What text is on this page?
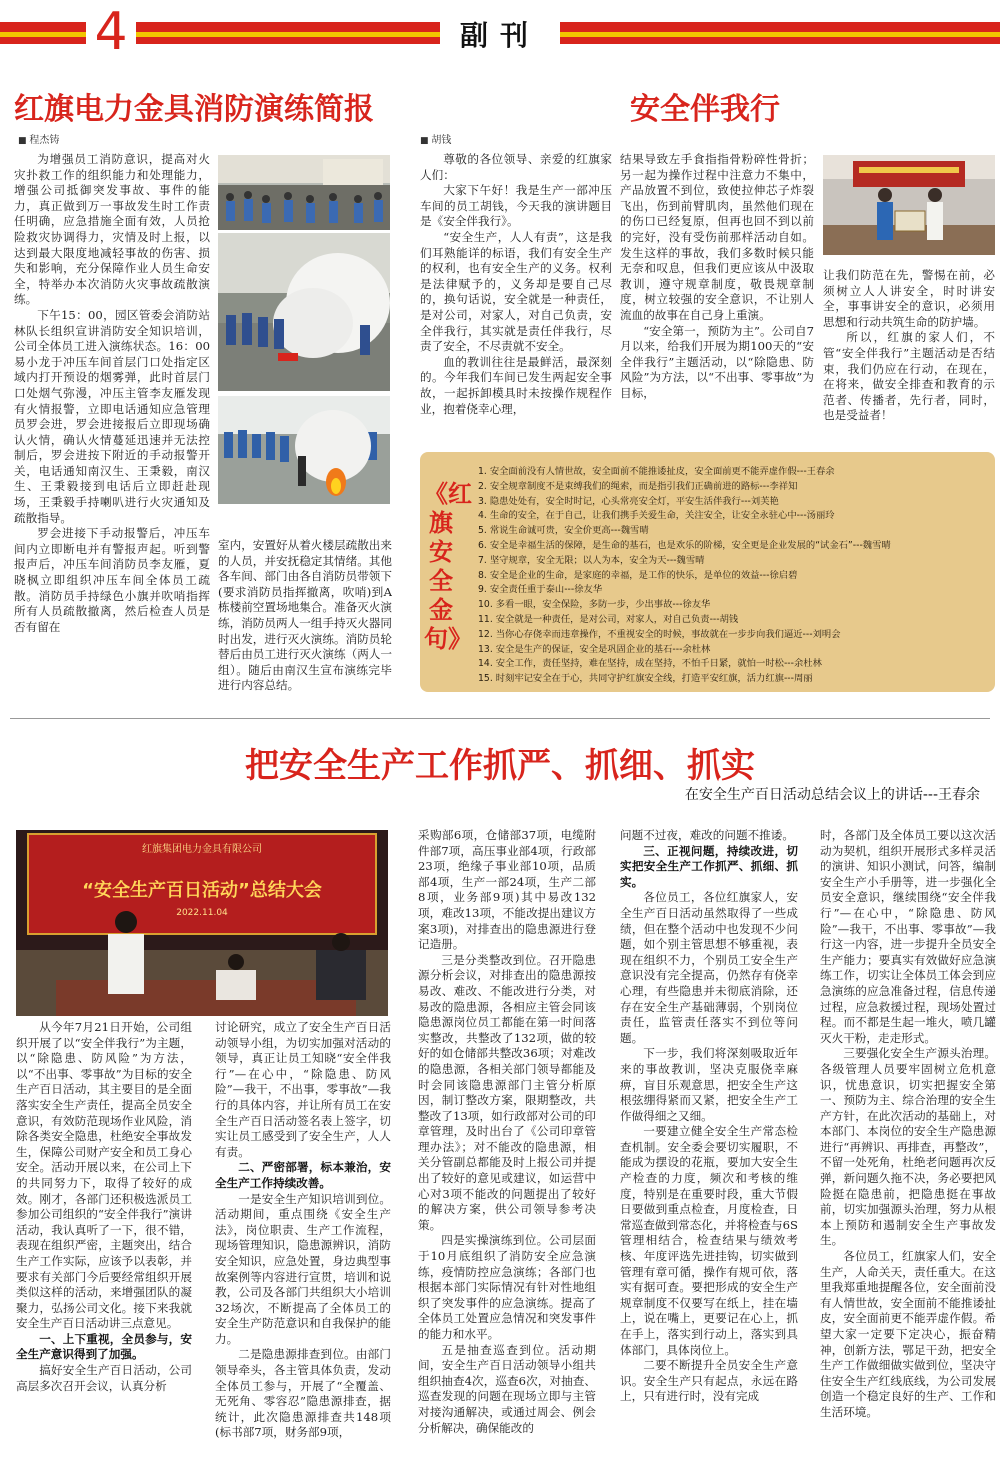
4	副刊
红旗电力金具消防演练简报
■ 程杰铸

为增强员工消防意识，提高对火灾扑救工作的组织能力和处理能力，增强公司抵御突发事故、事件的能力，真正做到万一事故发生时工作责任明确，应急措施全面有效，人员抢险救灾协调得力，灾情及时上报，以达到最大限度地减轻事故的伤害、损失和影响，充分保障作业人员生命安全，特举办本次消防火灾事故疏散演练。

下午15：00，园区管委会消防站林队长组织宣讲消防安全知识培训，公司全体员工进入演练状态。16：00易小龙于冲压车间首层门口处指定区域内打开预设的烟雾弹，此时首层门口处烟气弥漫，冲压主管李友雁发现有火情报警，立即电话通知应急管理员罗会进，罗会进接报后立即现场确认火情，确认火情蔓延迅速并无法控制后，罗会进按下附近的手动报警开关，电话通知南汉生、王秉毅，南汉生、王秉毅接到电话后立即赶赴现场，王秉毅手持喇叭进行火灾通知及疏散指导。

罗会进接下手动报警后，冲压车间内立即断电并有警报声起。听到警报声后，冲压车间消防员李友雁，夏晓枫立即组织冲压车间全体员工疏散。消防员手持绿色小旗并吹哨指挥所有人员疏散撤离，然后检查人员是否有留在

室内，安置好从着火楼层疏散出来的人员，并安抚稳定其情绪。其他各车间、部门由各自消防员带领下(要求消防员指挥撤离，吹哨)到A栋楼前空置场地集合。准备灭火演练，消防员两人一组手持灭火器同时出发，进行灭火演练。消防员轮替后由员工进行灭火演练（两人一组）。随后由南汉生宣布演练完毕进行内容总结。

安全伴我行
■ 胡钱

尊敬的各位领导、亲爱的红旗家人们：

大家下午好！我是生产一部冲压车间的员工胡钱，今天我的演讲题目是《安全伴我行》。

“安全生产，人人有责”，这是我们耳熟能详的标语，我们有安全生产的权利，也有安全生产的义务。权利是法律赋予的，义务却是要自己尽的，换句话说，安全就是一种责任，是对公司，对家人，对自己负责，安全伴我行，其实就是责任伴我行，尽责了安全，不尽责就不安全。

血的教训往往是最鲜活，最深刻的。今年我们车间已发生两起安全事故，一起拆卸模具时未按操作规程作业，抱着侥幸心理，

结果导致左手食指指骨粉碎性骨折；另一起为操作过程中注意力不集中，产品放置不到位，致使拉伸芯子炸裂飞出，伤到前臂肌肉，虽然他们现在的伤口已经复原，但再也回不到以前的完好，没有受伤前那样活动自如。发生这样的事故，我们多数时候只能无奈和叹息，但我们更应该从中汲取教训，遵守规章制度，敬畏规章制度，树立较强的安全意识，不让别人流血的故事在自己身上重演。

“安全第一，预防为主”。公司自7月以来，给我们开展为期100天的“安全伴我行”主题活动，以“除隐患、防风险”为方法，以“不出事、零事故”为目标，

让我们防范在先，警惕在前，必须树立人人讲安全，时时讲安全，事事讲安全的意识，必须用思想和行动共筑生命的防护墙。

所以，红旗的家人们，不管“安全伴我行”主题活动是否结束，我们仍应在行动，在现在，在将来，做安全排查和教育的示范者、传播者，先行者，同时，也是受益者！

《红旗安全金句》
1. 安全面前没有人情世故，安全面前不能推诿扯皮，安全面前更不能弄虚作假---王春余
2. 安全规章制度不是束缚我们的绳索，而是指引我们正确前进的路标---李祥知
3. 隐患处处有，安全时时记，心头常亮安全灯，平安生活伴我行---刘芙艳
4. 生命的安全，在于自己，让我们携手关爱生命，关注安全，让安全永驻心中---汤丽玲
5. 常说生命诚可贵，安全价更高---魏雪晴
6. 安全是幸福生活的保障，是生命的基石，也是欢乐的阶梯，安全更是企业发展的“试金石”---魏雪晴
7. 坚守规章，安全无限；以人为本，安全为天---魏雪晴
8. 安全是企业的生命，是家庭的幸福，是工作的快乐，是单位的效益---徐启碧
9. 安全责任重于泰山---徐友华
10. 多看一眼，安全保险，多防一步，少出事故---徐友华
11. 安全就是一种责任，是对公司，对家人，对自己负责---胡钱
12. 当你心存侥幸而违章操作，不重视安全的时候，事故就在一步步向我们逼近---刘明会
13. 安全是生产的保证，安全是巩固企业的基石---余杜林
14. 安全工作，责任坚持，难在坚持，成在坚持，不怕千日紧，就怕一时松---余杜林
15. 时刻牢记安全在于心，共同守护红旗安全线，打造平安红旗，活力红旗---周丽
把安全生产工作抓严、抓细、抓实
在安全生产百日活动总结会议上的讲话---王春余
红旗集团电力金具有限公司
“安全生产百日活动”总结大会
2022.11.04

从今年7月21日开始，公司组织开展了以“安全伴我行”为主题，以“除隐患、防风险”为方法，以“不出事、零事故”为目标的安全生产百日活动，其主要目的是全面落实安全生产责任，提高全员安全意识，有效防范现场作业风险，消除各类安全隐患，杜绝安全事故发生，保障公司财产安全和员工身心安全。活动开展以来，在公司上下的共同努力下，取得了较好的成效。刚才，各部门还积极选派员工参加公司组织的“安全伴我行”演讲活动，我认真听了一下，很不错，表现在组织严密，主题突出，结合生产工作实际，应该予以表彰，并要求有关部门今后要经常组织开展类似这样的活动，来增强团队的凝聚力，弘扬公司文化。接下来我就安全生产百日活动讲三点意见。

一、上下重视，全员参与，安全生产意识得到了加强。

搞好安全生产百日活动，公司高层多次召开会议，认真分析

讨论研究，成立了安全生产百日活动领导小组，为切实加强对活动的领导，真正让员工知晓“安全伴我行”—在心中，“除隐患、防风险”—我干，不出事，零事故”—我行的具体内容，并让所有员工在安全生产百日活动签名表上签字，切实让员工感受到了安全生产，人人有责。

二、严密部署，标本兼治，安全生产工作持续改善。

一是安全生产知识培训到位。活动期间，重点围绕《安全生产法》，岗位职责、生产工作流程，现场管理知识，隐患源辨识，消防安全知识，应急处置，身边典型事故案例等内容进行宣贯，培训和说教，公司及各部门共组织大小培训32场次，不断提高了全体员工的安全生产防范意识和自我保护的能力。

二是隐患源排查到位。由部门领导牵头，各主管具体负责，发动全体员工参与，开展了“全覆盖、无死角、零容忍”隐患源排查，据统计，此次隐患源排查共148项(标书部7项，财务部9项，

采购部6项，仓储部37项，电缆附件部7项，高压事业部4项，行政部23项，绝缘子事业部10项，品质部4项，生产一部24项，生产二部8项，业务部9项)其中易改132项，难改13项，不能改提出建议方案3项)，对排查出的隐患源进行登记造册。

三是分类整改到位。召开隐患源分析会议，对排查出的隐患源按易改、难改、不能改进行分类，对易改的隐患源，各相应主管会同该隐患源岗位员工都能在第一时间落实整改，共整改了132项，做的较好的如仓储部共整改36项；对难改的隐患源，各相关部门领导都能及时会同该隐患源部门主管分析原因，制订整改方案，限期整改，共整改了13项，如行政部对公司的印章管理，及时出台了《公司印章管理办法》；对不能改的隐患源，相关分管副总都能及时上报公司并提出了较好的意见或建议，如运营中心对3项不能改的问题提出了较好的解决方案，供公司领导参考决策。

四是实操演练到位。公司层面于10月底组织了消防安全应急演练，疫情防控应急演练；各部门也根据本部门实际情况有针对性地组织了突发事件的应急演练。提高了全体员工处置应急情况和突发事件的能力和水平。

五是抽查巡查到位。活动期间，安全生产百日活动领导小组共组织抽查4次，巡查6次，对抽查、巡查发现的问题在现场立即与主管对接沟通解决，或通过周会、例会分析解决，确保能改的

问题不过夜，难改的问题不推诿。

三、正视问题，持续改进，切实把安全生产工作抓严、抓细、抓实。

各位员工，各位红旗家人，安全生产百日活动虽然取得了一些成绩，但在整个活动中也发现不少问题，如个别主管思想不够重视，表现在组织不力，个别员工安全生产意识没有完全提高，仍然存有侥幸心理，有些隐患并未彻底消除，还存在安全生产基础薄弱，个别岗位责任，监管责任落实不到位等问题。

下一步，我们将深刻吸取近年来的事故教训，坚决克服侥幸麻痹，盲目乐观意思，把安全生产这根弦绷得紧而又紧，把安全生产工作做得细之又细。

一要建立健全安全生产常态检查机制。安全委会要切实履职，不能成为摆设的花瓶，要加大安全生产检查的力度，频次和考核的维度，特别是在重要时段，重大节假日要做到重点检查，月度检查，日常巡查做到常态化，并将检查与6S管理相结合，检查结果与绩效考核、年度评选先进挂钩，切实做到管理有章可循，操作有规可依，落实有据可查。要把形成的安全生产规章制度不仅要写在纸上，挂在墙上，说在嘴上，更要记在心上，抓在手上，落实到行动上，落实到具体部门，具体岗位上。

二要不断提升全员安全生产意识。安全生产只有起点，永远在路上，只有进行时，没有完成

时，各部门及全体员工要以这次活动为契机，组织开展形式多样灵活的演讲、知识小测试，问答，编制安全生产小手册等，进一步强化全员安全意识，继续围绕“安全伴我行”—在心中，“除隐患、防风险”—我干，不出事、零事故”—我行这一内容，进一步提升全员安全生产能力；要真实有效做好应急演练工作，切实让全体员工体会到应急演练的应急准备过程，信息传递过程，应急救援过程，现场处置过程。而不都是生起一堆火，喷几罐灭火干粉，走走形式。

三要强化安全生产源头治理。各级管理人员要牢固树立危机意识，忧患意识，切实把握安全第一、预防为主、综合治理的安全生产方针，在此次活动的基础上，对本部门、本岗位的安全生产隐患源进行“再辨识、再排查，再整改”，不留一处死角，杜绝老问题再次反弹，新问题久拖不决，务必要把风险挺在隐患前，把隐患挺在事故前，切实加强源头治理，努力从根本上预防和遏制安全生产事故发生。

各位员工，红旗家人们，安全生产，人命关天，责任重大。在这里我郑重地提醒各位，安全面前没有人情世故，安全面前不能推诿扯皮，安全面前更不能弄虚作假。希望大家一定要下定决心，振奋精神，创新方法，鄂足干劲，把安全生产工作做细做实做到位，坚决守住安全生产红线底线，为公司发展创造一个稳定良好的生产、工作和生活环境。
